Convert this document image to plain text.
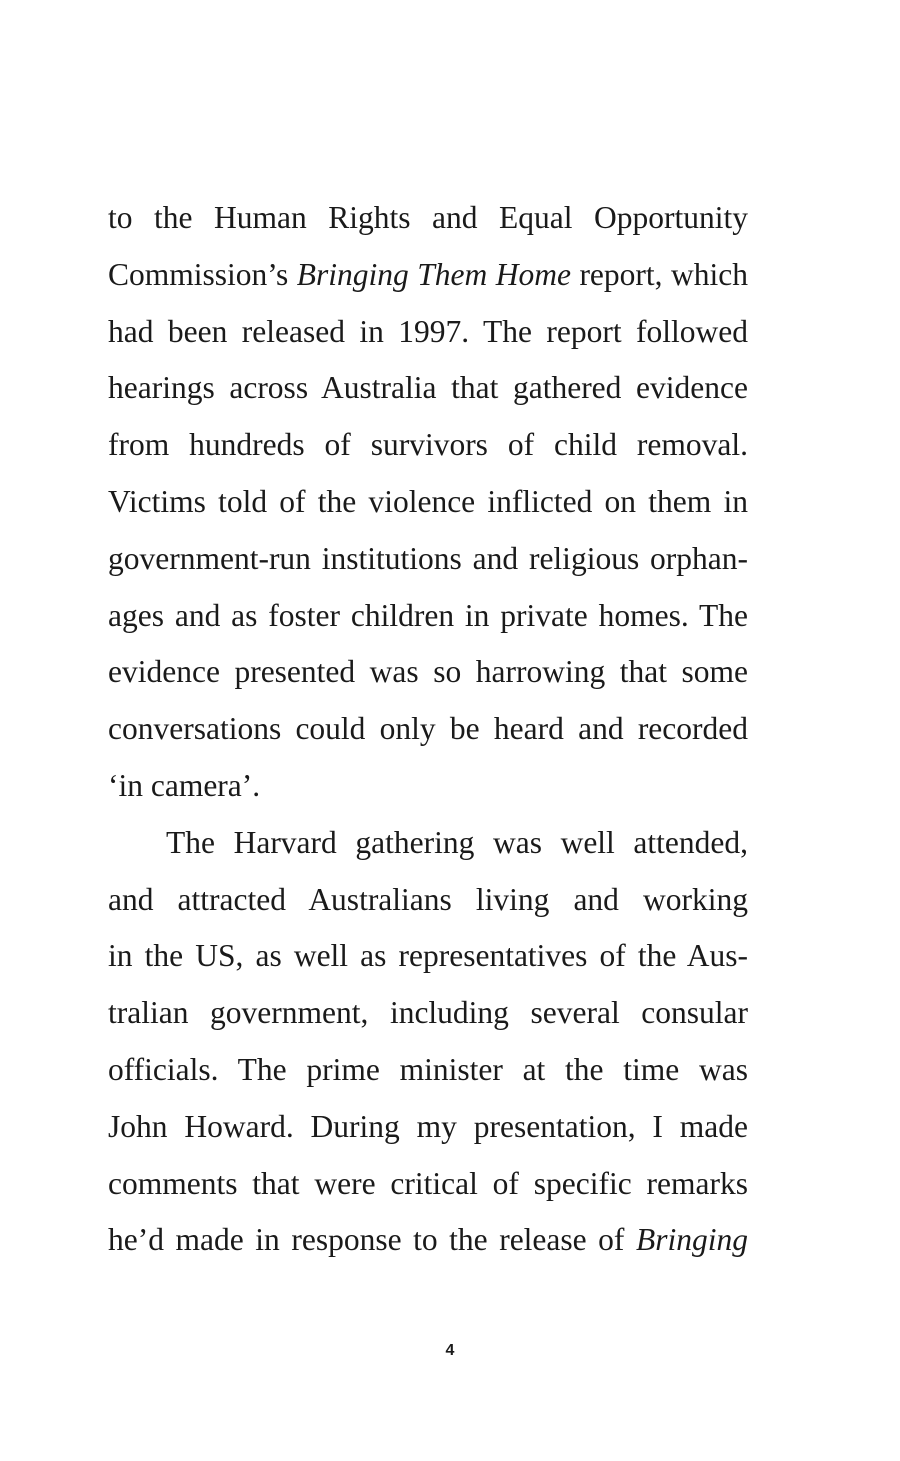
to the Human Rights and Equal Opportunity
Commission’s Bringing Them Home report, which
had been released in 1997. The report followed
hearings across Australia that gathered evidence
from hundreds of survivors of child removal.
Victims told of the violence inflicted on them in
government-run institutions and religious orphan-
ages and as foster children in private homes. The
evidence presented was so harrowing that some
conversations could only be heard and recorded
‘in camera’.
The Harvard gathering was well attended,
and attracted Australians living and working
in the US, as well as representatives of the Aus-
tralian government, including several consular
officials. The prime minister at the time was
John Howard. During my presentation, I made
comments that were critical of specific remarks
he’d made in response to the release of Bringing
4
